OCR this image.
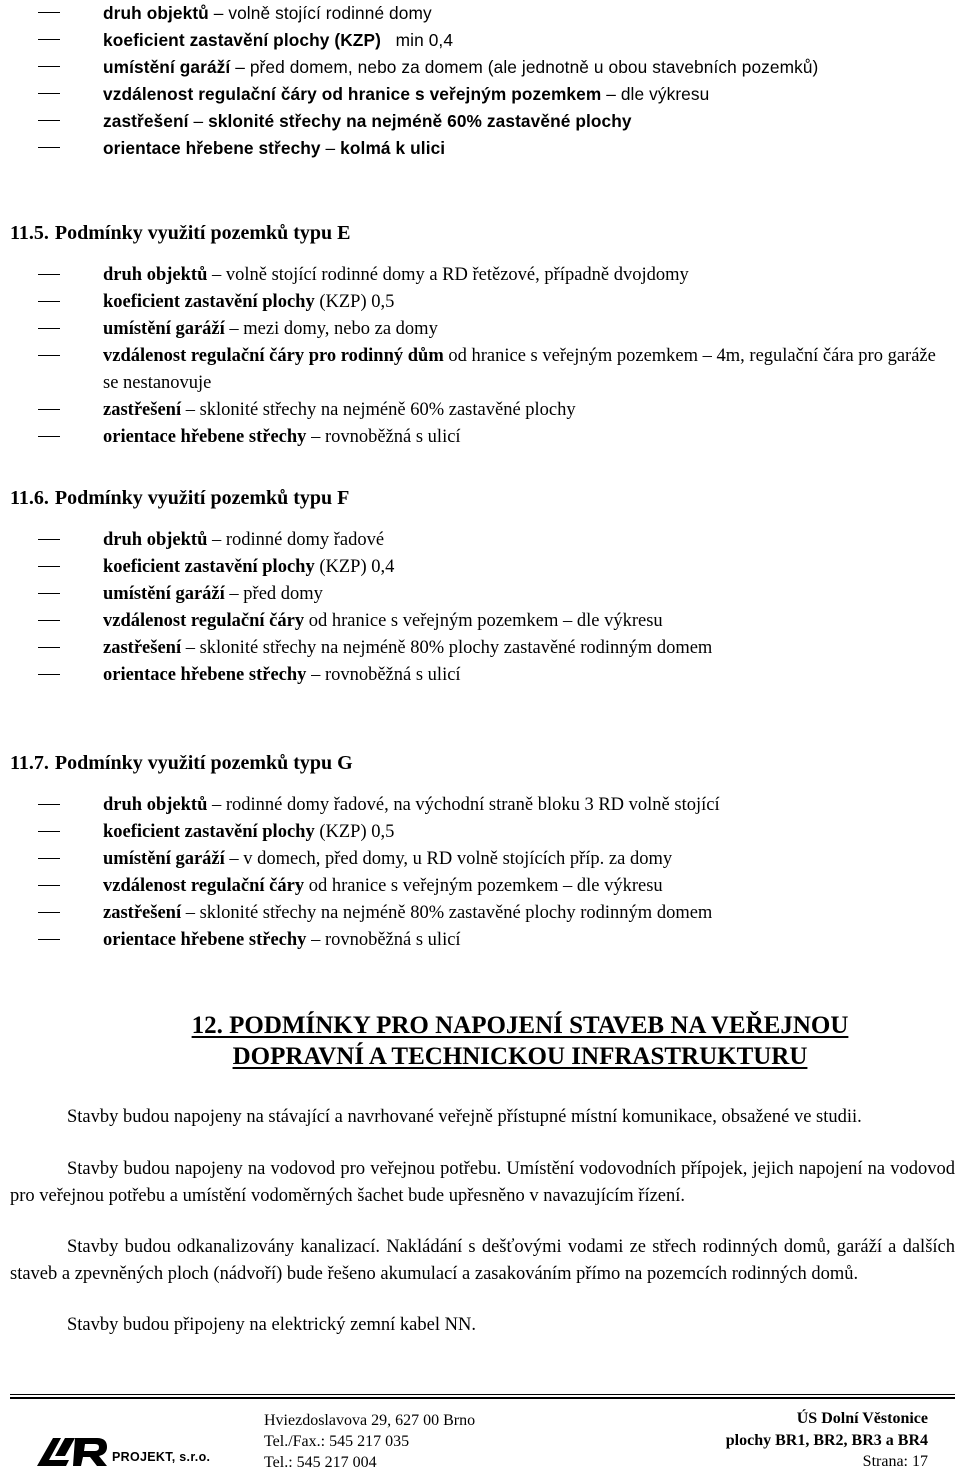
druh objektů – volně stojící rodinné domy
koeficient zastavění plochy (KZP) min 0,4
umístění garáží – před domem, nebo za domem (ale jednotně u obou stavebních pozemků)
vzdálenost regulační čáry od hranice s veřejným pozemkem – dle výkresu
zastřešení – sklonité střechy na nejméně 60% zastavěné plochy
orientace hřebene střechy – kolmá k ulici
11.5. Podmínky využití pozemků typu E
druh objektů – volně stojící rodinné domy a RD řetězové, případně dvojdomy
koeficient zastavění plochy (KZP) 0,5
umístění garáží – mezi domy, nebo za domy
vzdálenost regulační čáry pro rodinný dům od hranice s veřejným pozemkem – 4m, regulační čára pro garáže se nestanovuje
zastřešení – sklonité střechy na nejméně 60% zastavěné plochy
orientace hřebene střechy – rovnoběžná s ulicí
11.6. Podmínky využití pozemků typu F
druh objektů – rodinné domy řadové
koeficient zastavění plochy (KZP) 0,4
umístění garáží – před domy
vzdálenost regulační čáry od hranice s veřejným pozemkem – dle výkresu
zastřešení – sklonité střechy na nejméně 80% plochy zastavěné rodinným domem
orientace hřebene střechy – rovnoběžná s ulicí
11.7. Podmínky využití pozemků typu G
druh objektů – rodinné domy řadové, na východní straně bloku 3 RD volně stojící
koeficient zastavění plochy (KZP) 0,5
umístění garáží – v domech, před domy, u RD volně stojících příp. za domy
vzdálenost regulační čáry od hranice s veřejným pozemkem – dle výkresu
zastřešení – sklonité střechy na nejméně 80% zastavěné plochy rodinným domem
orientace hřebene střechy – rovnoběžná s ulicí
12. PODMÍNKY PRO NAPOJENÍ STAVEB NA VEŘEJNOU
DOPRAVNÍ A TECHNICKOU INFRASTRUKTURU

Stavby budou napojeny na stávající a navrhované veřejně přístupné místní komunikace, obsažené ve studii.

Stavby budou napojeny na vodovod pro veřejnou potřebu. Umístění vodovodních přípojek, jejich napojení na vodovod pro veřejnou potřebu a umístění vodoměrných šachet bude upřesněno v navazujícím řízení.

Stavby budou odkanalizovány kanalizací. Nakládání s dešťovými vodami ze střech rodinných domů, garáží a dalších staveb a zpevněných ploch (nádvoří) bude řešeno akumulací a zasakováním přímo na pozemcích rodinných domů.

Stavby budou připojeny na elektrický zemní kabel NN.

PROJEKT, s.r.o.
Hviezdoslavova 29, 627 00 Brno
Tel./Fax.: 545 217 035
Tel.: 545 217 004
ÚS Dolní Věstonice
plochy BR1, BR2, BR3 a BR4
Strana: 17
